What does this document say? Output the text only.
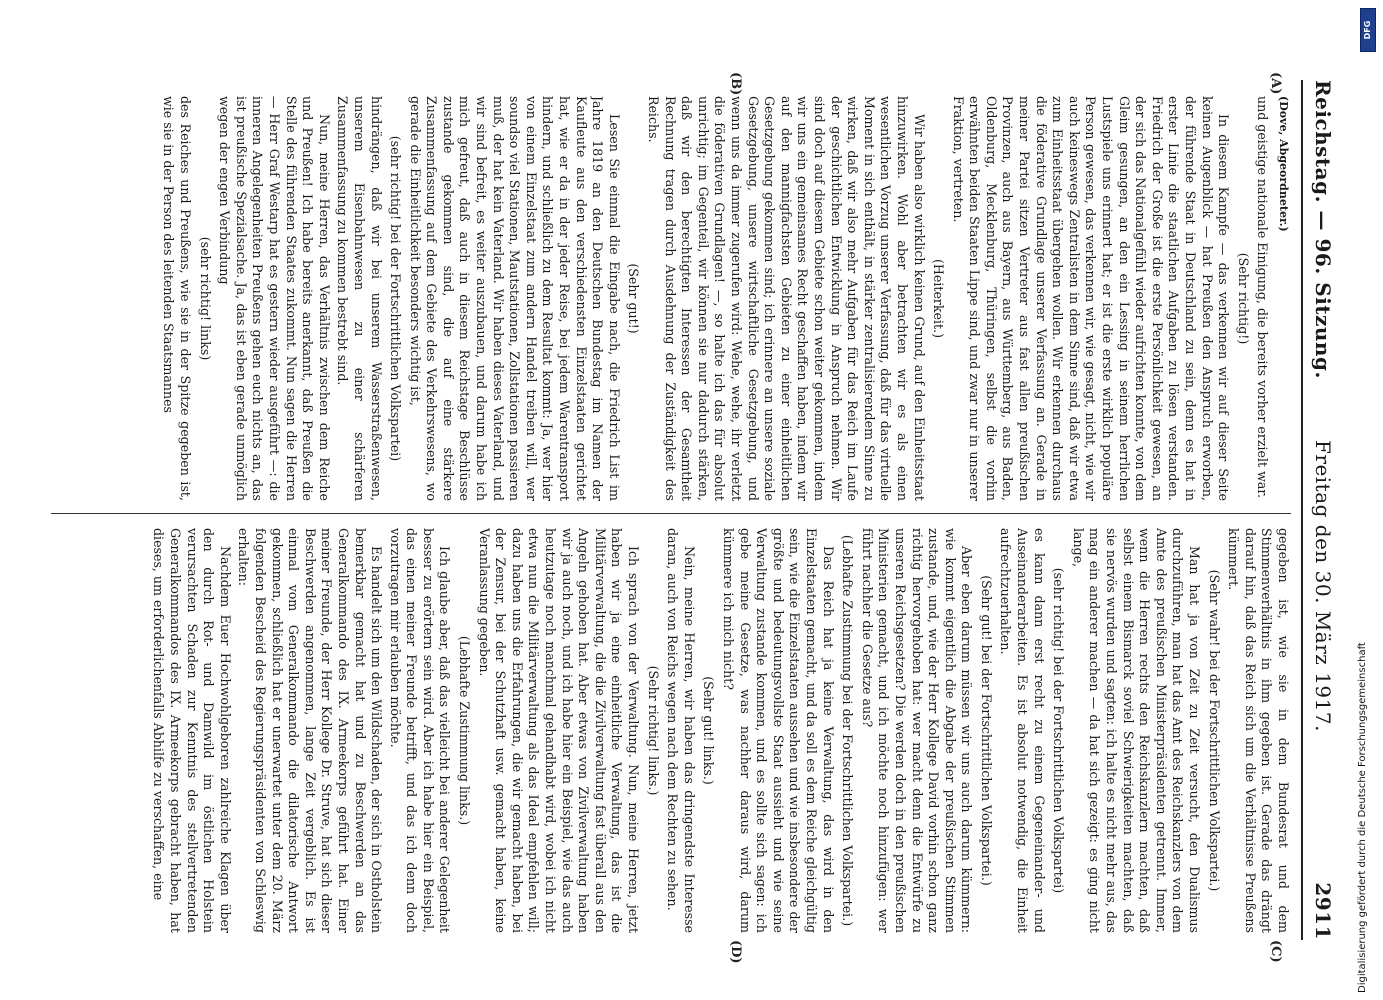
Reichstag. — 96. Sitzung.
Freitag den 30. März 1917.
2911
(A)
(B)
(C)
(D)

(Dove, Abgeordneter.)

und geistige nationale Einigung, die bereits vorher erzielt war.

(Sehr richtig!)

In diesem Kampfe — das verkennen wir auf dieser Seite keinen Augenblick — hat Preußen den Anspruch erworben, der führende Staat in Deutschland zu sein, denn es hat in erster Linie die staatlichen Aufgaben zu lösen verstanden. Friedrich der Große ist die erste Persönlichkeit gewesen, an der sich das Nationalgefühl wieder aufrichten konnte, von dem Gleim gesungen, an den ein Lessing in seinem herrlichen Lustspiele uns erinnert hat; er ist die erste wirklich populäre Person gewesen, das verkennen wir, wie gesagt, nicht, wie wir auch keineswegs Zentralisten in dem Sinne sind, daß wir etwa zum Einheitsstaat übergehen wollen. Wir erkennen durchaus die föderative Grundlage unserer Verfassung an. Gerade in meiner Partei sitzen Vertreter aus fast allen preußischen Provinzen, auch aus Bayern, aus Württemberg, aus Baden, Oldenburg, Mecklenburg, Thüringen, selbst die vorhin erwähnten beiden Staaten Lippe sind, und zwar nur in unserer Fraktion, vertreten.

(Heiterkeit.)

Wir haben also wirklich keinen Grund, auf den Einheitsstaat hinzuwirken. Wohl aber betrachten wir es als einen wesentlichen Vorzug unserer Verfassung, daß für das virtuelle Moment in sich enthält, in stärker zentralisierendem Sinne zu wirken, daß wir also mehr Aufgaben für das Reich im Laufe der geschichtlichen Entwicklung in Anspruch nehmen. Wir sind doch auf diesem Gebiete schon weiter gekommen, indem wir uns ein gemeinsames Recht geschaffen haben, indem wir auf den mannigfachsten Gebieten zu einer einheitlichen Gesetzgebung gekommen sind; ich erinnere an unsere soziale Gesetzgebung, unsere wirtschaftliche Gesetzgebung, und wenn uns da immer zugerufen wird: Wehe, wehe, ihr verletzt die föderativen Grundlagen! —, so halte ich das für absolut unrichtig; im Gegenteil, wir können sie nur dadurch stärken, daß wir den berechtigten Interessen der Gesamtheit Rechnung tragen durch Ausdehnung der Zuständigkeit des Reichs.

(Sehr gut!)

Lesen Sie einmal die Eingabe nach, die Friedrich List im Jahre 1819 an den Deutschen Bundestag im Namen der Kaufleute aus den verschiedensten Einzelstaaten gerichtet hat, wie er da in der jeder Reise, bei jedem Warentransport hindern, und schließlich zu dem Resultat kommt: Ja, wer hier von einem Einzelstaat zum andern Handel treiben will, wer soundso viel Stationen, Mautstationen, Zollstationen passieren muß, der hat kein Vaterland. Wir haben dieses Vaterland, und wir sind befreit, es weiter auszubauen, und darum habe ich mich gefreut, daß auch in diesem Reichstage Beschlüsse zustande gekommen sind, die auf eine stärkere Zusammenfassung auf dem Gebiete des Verkehrswesens, wo gerade die Einheitlichkeit besonders wichtig ist,

(sehr richtig! bei der Fortschrittlichen Volkspartei)

hindrängen, daß wir bei unserem Wasserstraßenwesen, unserem Eisenbahnwesen zu einer schärferen Zusammenfassung zu kommen bestrebt sind.

Nun, meine Herren, das Verhältnis zwischen dem Reiche und Preußen! Ich habe bereits anerkannt, daß Preußen die Stelle des führenden Staates zukommt. Nun sagen die Herren — Herr Graf Westarp hat es gestern wieder ausgeführt —: die inneren Angelegenheiten Preußens gehen euch nichts an, das ist preußische Spezialsache. Ja, das ist eben gerade unmöglich wegen der engen Verbindung

(sehr richtig! links)

des Reiches und Preußens, wie sie in der Spitze gegeben ist, wie sie in der Person des leitenden Staatsmannes

gegeben ist, wie sie in dem Bundesrat und dem Stimmenverhältnis in ihm gegeben ist. Gerade das drängt darauf hin, daß das Reich sich um die Verhältnisse Preußens kümmert.

(Sehr wahr! bei der Fortschrittlichen Volkspartei.)

Man hat ja von Zeit zu Zeit versucht, den Dualismus durchzuführen, man hat das Amt des Reichskanzlers von dem Amte des preußischen Ministerpräsidenten getrennt. Immer, wenn die Herren rechts den Reichskanzlern machten, daß selbst einem Bismarck soviel Schwierigkeiten machten, daß sie nervös wurden und sagten: ich halte es nicht mehr aus, das mag ein anderer machen — da hat sich gezeigt: es ging nicht lange,

(sehr richtig! bei der Fortschrittlichen Volkspartei)

es kann dann erst recht zu einem Gegeneinander- und Auseinanderarbeiten. Es ist absolut notwendig, die Einheit aufrechtzuerhalten.

(Sehr gut! bei der Fortschrittlichen Volkspartei.)

Aber eben darum müssen wir uns auch darum kümmern: wie kommt eigentlich die Abgabe der preußischen Stimmen zustande, und, wie der Herr Kollege David vorhin schon ganz richtig hervorgehoben hat: wer macht denn die Entwürfe zu unseren Reichsgesetzen? Die werden doch in den preußischen Ministerien gemacht, und ich möchte noch hinzufügen: wer führt nachher die Gesetze aus?

(Lebhafte Zustimmung bei der Fortschrittlichen Volkspartei.)

Das Reich hat ja keine Verwaltung, das wird in den Einzelstaaten gemacht, und da soll es dem Reiche gleichgültig sein, wie die Einzelstaaten aussehen und wie insbesondere der größte und bedeutungsvollste Staat aussieht und wie seine Verwaltung zustande kommen, und es sollte sich sagen: ich gebe meine Gesetze, was nachher daraus wird, darum kümmere ich mich nicht?

(Sehr gut! links.)

Nein, meine Herren, wir haben das dringendste Interesse daran, auch von Reichs wegen nach dem Rechten zu sehen.

(Sehr richtig! links.)

Ich sprach von der Verwaltung. Nun, meine Herren, jetzt haben wir ja eine einheitliche Verwaltung, das ist die Militärverwaltung, die die Zivilverwaltung fast überall aus den Angeln gehoben hat. Aber etwas von Zivilverwaltung haben wir ja auch noch, und ich habe hier ein Beispiel, wie das auch heutzutage noch manchmal gehandhabt wird, wobei ich nicht etwa nun die Militärverwaltung als das Ideal empfehlen will; dazu haben uns die Erfahrungen, die wir gemacht haben, bei der Zensur, bei der Schutzhaft usw. gemacht haben, keine Veranlassung gegeben.

(Lebhafte Zustimmung links.)

Ich glaube aber, daß das vielleicht bei anderer Gelegenheit besser zu erörtern sein wird. Aber ich habe hier ein Beispiel, das einen meiner Freunde betrifft, und das ich denn doch vorzutragen mir erlauben möchte.

Es handelt sich um den Wildschaden, der sich in Ostholstein bemerkbar gemacht hat und zu Beschwerden an das Generalkommando des IX. Armeekorps geführt hat. Einer meiner Freunde, der Herr Kollege Dr. Struve, hat sich dieser Beschwerden angenommen, lange Zeit vergeblich. Es ist einmal vom Generalkommando die dilatorische Antwort gekommen, schließlich hat er unerwartet unter dem 20. März folgenden Bescheid des Regierungspräsidenten von Schleswig erhalten:

Nachdem Euer Hochwohlgeboren zahlreiche Klagen über den durch Rot- und Damwild im östlichen Holstein verursachten Schaden zur Kenntnis des stellvertretenden Generalkommandos des IX. Armeekorps gebracht haben, hat dieses, um erforderlichenfalls Abhilfe zu verschaffen, eine	Digitalisierung gefördert durch die Deutsche Forschungsgemeinschaft
DFG
